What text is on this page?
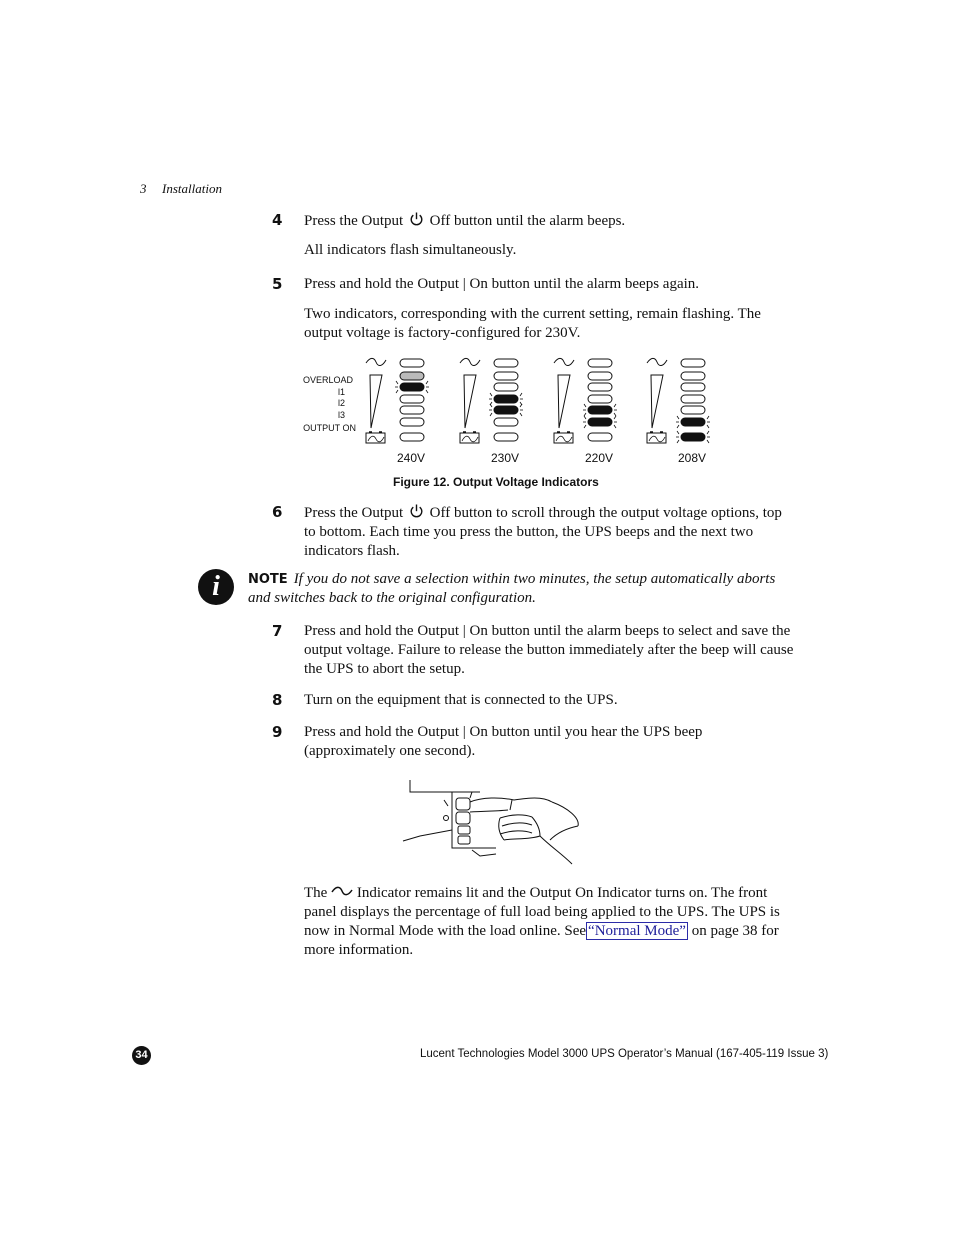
3 Installation
4 Press the Output Off button until the alarm beeps.
All indicators flash simultaneously.
5 Press and hold the Output | On button until the alarm beeps again.
Two indicators, corresponding with the current setting, remain flashing. The output voltage is factory-configured for 230V.
OVERLOAD
l1
l2
l3
OUTPUT ON
240V	230V	220V	208V
Figure 12. Output Voltage Indicators
6 Press the Output Off button to scroll through the output voltage options, top to bottom. Each time you press the button, the UPS beeps and the next two indicators flash.
i	NOTE If you do not save a selection within two minutes, the setup automatically aborts and switches back to the original configuration.
7 Press and hold the Output | On button until the alarm beeps to select and save the output voltage. Failure to release the button immediately after the beep will cause the UPS to abort the setup.
8 Turn on the equipment that is connected to the UPS.
9 Press and hold the Output | On button until you hear the UPS beep (approximately one second).
The Indicator remains lit and the Output On Indicator turns on. The front panel displays the percentage of full load being applied to the UPS. The UPS is now in Normal Mode with the load online. See “Normal Mode” on page 38 for more information.
34	Lucent Technologies Model 3000 UPS Operator’s Manual (167-405-119 Issue 3)
